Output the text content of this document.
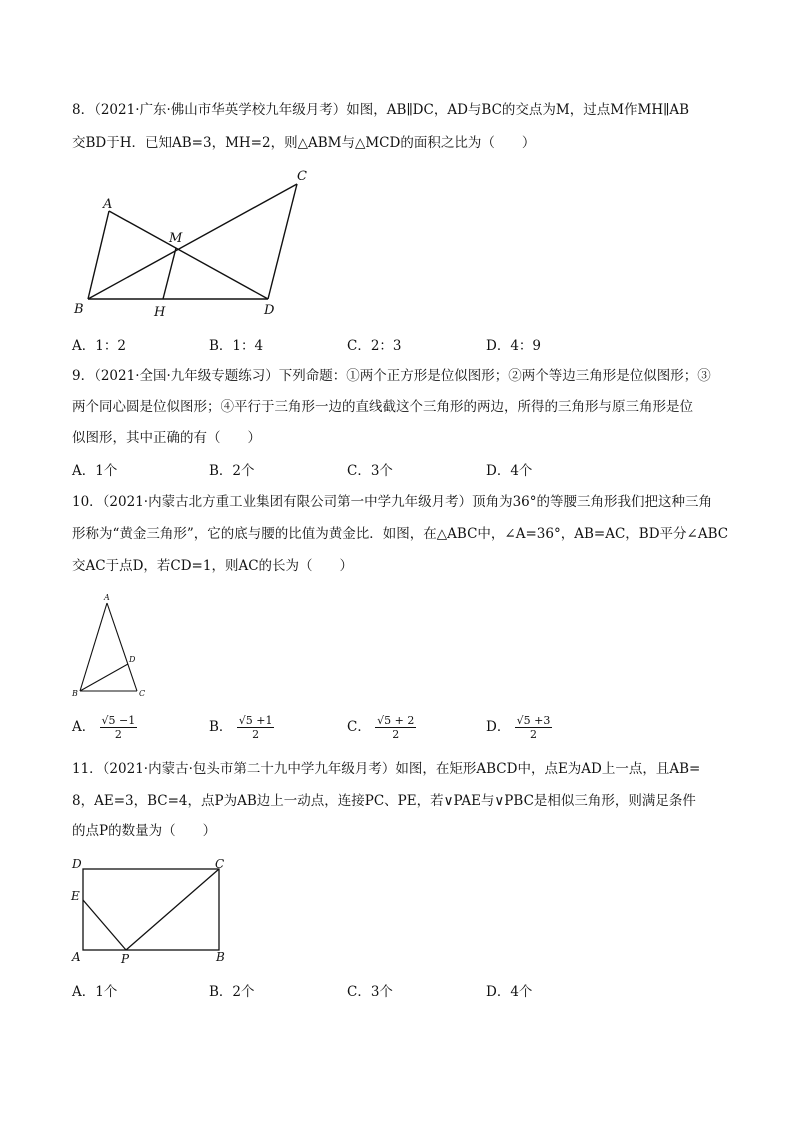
8．（2021·广东·佛山市华英学校九年级月考）如图，AB∥DC，AD与BC的交点为M，过点M作MH∥AB
交BD于H．已知AB=3，MH=2，则△ABM与△MCD的面积之比为（　　）
A
B
C
D
M
H
A．1：2	B．1：4	C．2：3	D．4：9
9．（2021·全国·九年级专题练习）下列命题：①两个正方形是位似图形；②两个等边三角形是位似图形；③
两个同心圆是位似图形；④平行于三角形一边的直线截这个三角形的两边，所得的三角形与原三角形是位
似图形，其中正确的有（　　）
A．1个	B．2个	C．3个	D．4个
10．（2021·内蒙古北方重工业集团有限公司第一中学九年级月考）顶角为36°的等腰三角形我们把这种三角
形称为“黄金三角形”，它的底与腰的比值为黄金比．如图，在△ABC中，∠A=36°，AB=AC，BD平分∠ABC
交AC于点D，若CD=1，则AC的长为（　　）
A
B	C
D
A． $\frac{√5 -1}{2}$	B． $\frac{√5 +1}{2}$	C． $\frac{√5 + 2}{2}$	D． $\frac{√5 +3}{2}$
11．（2021·内蒙古·包头市第二十九中学九年级月考）如图，在矩形ABCD中，点E为AD上一点，且AB=
8，AE=3，BC=4，点P为AB边上一动点，连接PC、PE，若∨PAE与∨PBC是相似三角形，则满足条件
的点P的数量为（　　）
D	C
E
A	P	B
A．1个	B．2个	C．3个	D．4个
